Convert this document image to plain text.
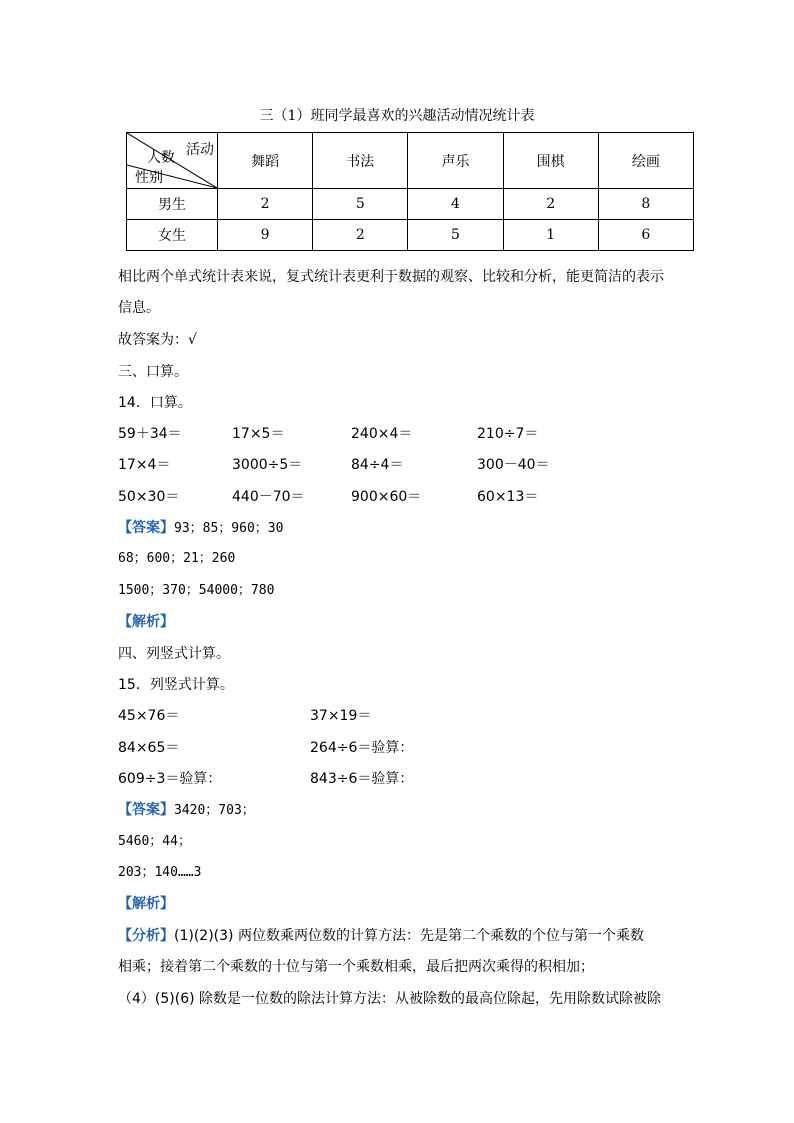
三（1）班同学最喜欢的兴趣活动情况统计表
活动
人数
性别	舞蹈	书法	声乐	围棋	绘画
男生	2	5	4	2	8
女生	9	2	5	1	6
相比两个单式统计表来说，复式统计表更利于数据的观察、比较和分析，能更简洁的表示
信息。
故答案为：√
三、口算。
14．口算。
59＋34＝	17×5＝	240×4＝	210÷7＝
17×4＝	3000÷5＝	84÷4＝	300－40＝
50×30＝	440－70＝	900×60＝	60×13＝
【答案】93；85；960；30
68；600；21；260
1500；370；54000；780
【解析】
四、列竖式计算。
15．列竖式计算。
45×76＝	37×19＝
84×65＝	264÷6＝验算：
609÷3＝验算：	843÷6＝验算：
【答案】3420；703；
5460；44；
203；140……3
【解析】
【分析】(1)(2)(3) 两位数乘两位数的计算方法：先是第二个乘数的个位与第一个乘数
相乘；接着第二个乘数的十位与第一个乘数相乘，最后把两次乘得的积相加；
（4）(5)(6) 除数是一位数的除法计算方法：从被除数的最高位除起，先用除数试除被除
